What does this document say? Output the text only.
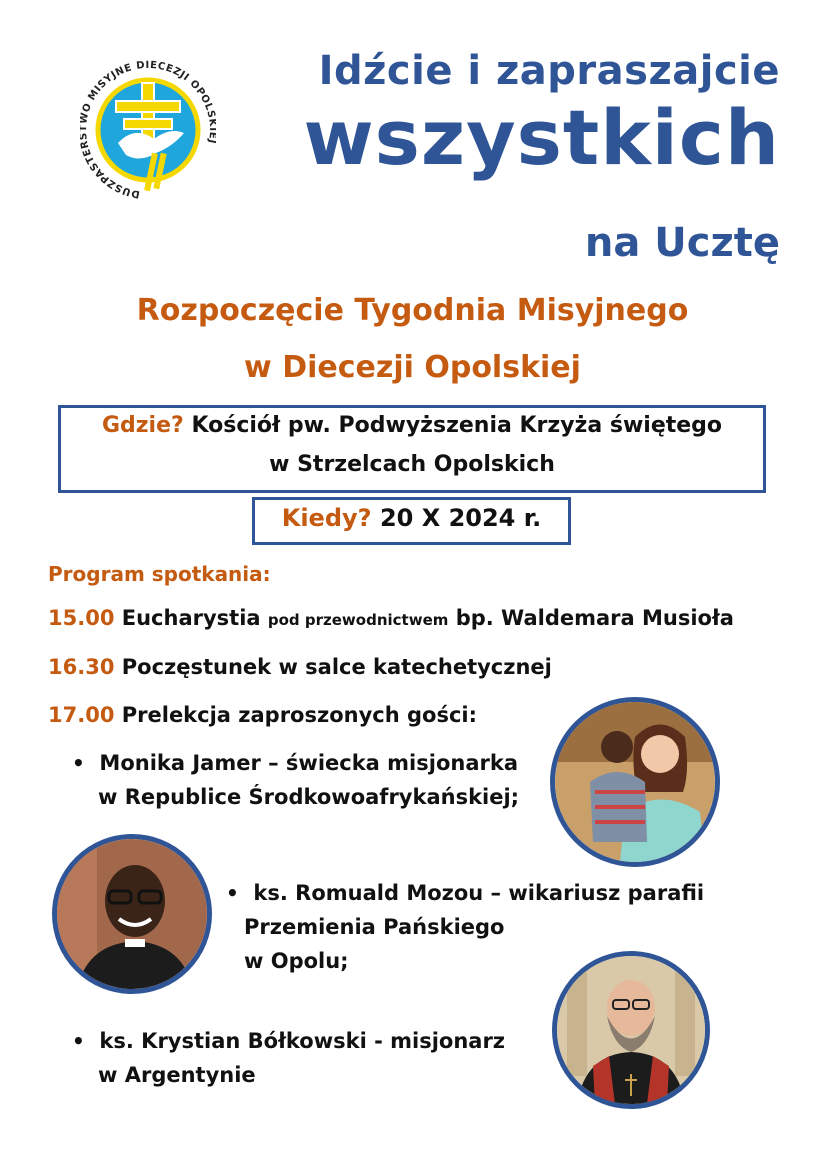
DUSZPASTER O MISYJNE DIECEZJI OPOLS
Idźcie i zapraszajcie
wszystkich
na Ucztę
Rozpoczęcie Tygodnia Misyjnego
w Diecezji Opolskiej
Gdzie? Kościół pw. Podwyższenia Krzyża świętego
w Strzelcach Opolskich
Kiedy? 20 X 2024 r.
Program spotkania:
15.00 Eucharystia pod przewodnictwem bp. Waldemara Musioła
16.30 Poczęstunek w salce katechetycznej
17.00 Prelekcja zaproszonych gości:
• Monika Jamer – świecka misjonarka
w Republice Środkowoafrykańskiej;
• ks. Romuald Mozou – wikariusz parafii
Przemienia Pańskiego
w Opolu;
• ks. Krystian Bółkowski - misjonarz
w Argentynie
